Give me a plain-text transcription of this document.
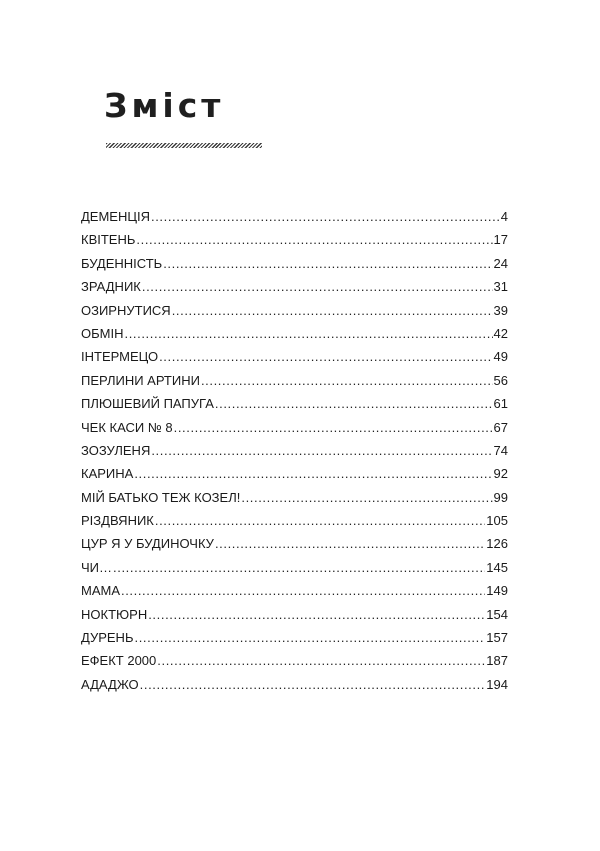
Зміст
ДЕМЕНЦІЯ .....	4
КВІТЕНЬ .....	17
БУДЕННІСТЬ .....	24
ЗРАДНИК .....	31
ОЗИРНУТИСЯ .....	39
ОБМІН .....	42
ІНТЕРМЕЦО .....	49
ПЕРЛИНИ АРТИНИ .....	56
ПЛЮШЕВИЙ ПАПУГА .....	61
ЧЕК КАСИ № 8 .....	67
ЗОЗУЛЕНЯ .....	74
КАРИНА .....	92
МІЙ БАТЬКО ТЕЖ КОЗЕЛ! .....	99
РІЗДВЯНИК .....	105
ЦУР Я У БУДИНОЧКУ .....	126
ЧИ… .....	145
МАМА .....	149
НОКТЮРН .....	154
ДУРЕНЬ .....	157
ЕФЕКТ 2000 .....	187
АДАДЖО .....	194
